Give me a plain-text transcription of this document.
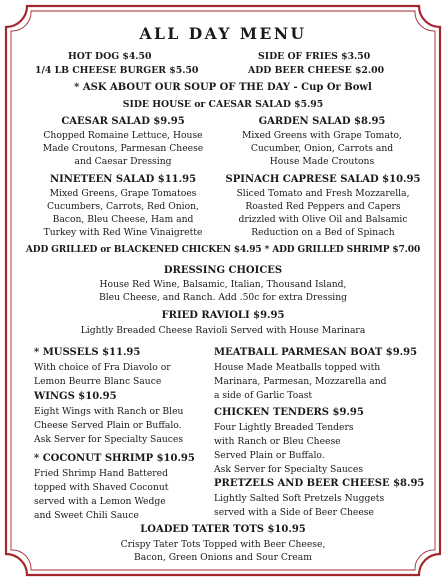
ALL DAY MENU
HOT DOG $4.50	SIDE OF FRIES $3.50
1/4 LB CHEESE BURGER $5.50	ADD BEER CHEESE $2.00
* ASK ABOUT OUR SOUP OF THE DAY - Cup Or Bowl
SIDE HOUSE or CAESAR SALAD $5.95
CAESAR SALAD $9.95
Chopped Romaine Lettuce, House
Made Croutons, Parmesan Cheese
and Caesar Dressing
GARDEN SALAD $8.95
Mixed Greens with Grape Tomato,
Cucumber, Onion, Carrots and
House Made Croutons
NINETEEN SALAD $11.95
Mixed Greens, Grape Tomatoes
Cucumbers, Carrots, Red Onion,
Bacon, Bleu Cheese, Ham and
Turkey with Red Wine Vinaigrette
SPINACH CAPRESE SALAD $10.95
Sliced Tomato and Fresh Mozzarella,
Roasted Red Peppers and Capers
drizzled with Olive Oil and Balsamic
Reduction on a Bed of Spinach
ADD GRILLED or BLACKENED CHICKEN $4.95 * ADD GRILLED SHRIMP $7.00
DRESSING CHOICES
House Red Wine, Balsamic, Italian, Thousand Island,
Bleu Cheese, and Ranch. Add .50c for extra Dressing
FRIED RAVIOLI $9.95
Lightly Breaded Cheese Ravioli Served with House Marinara
* MUSSELS $11.95
With choice of Fra Diavolo or
Lemon Beurre Blanc Sauce
WINGS $10.95
Eight Wings with Ranch or Bleu
Cheese Served Plain or Buffalo.
Ask Server for Specialty Sauces
* COCONUT SHRIMP $10.95
Fried Shrimp Hand Battered
topped with Shaved Coconut
served with a Lemon Wedge
and Sweet Chili Sauce
MEATBALL PARMESAN BOAT $9.95
House Made Meatballs topped with
Marinara, Parmesan, Mozzarella and
a side of Garlic Toast
CHICKEN TENDERS $9.95
Four Lightly Breaded Tenders
with Ranch or Bleu Cheese
Served Plain or Buffalo.
Ask Server for Specialty Sauces
PRETZELS AND BEER CHEESE $8.95
Lightly Salted Soft Pretzels Nuggets
served with a Side of Beer Cheese
LOADED TATER TOTS $10.95
Crispy Tater Tots Topped with Beer Cheese,
Bacon, Green Onions and Sour Cream
